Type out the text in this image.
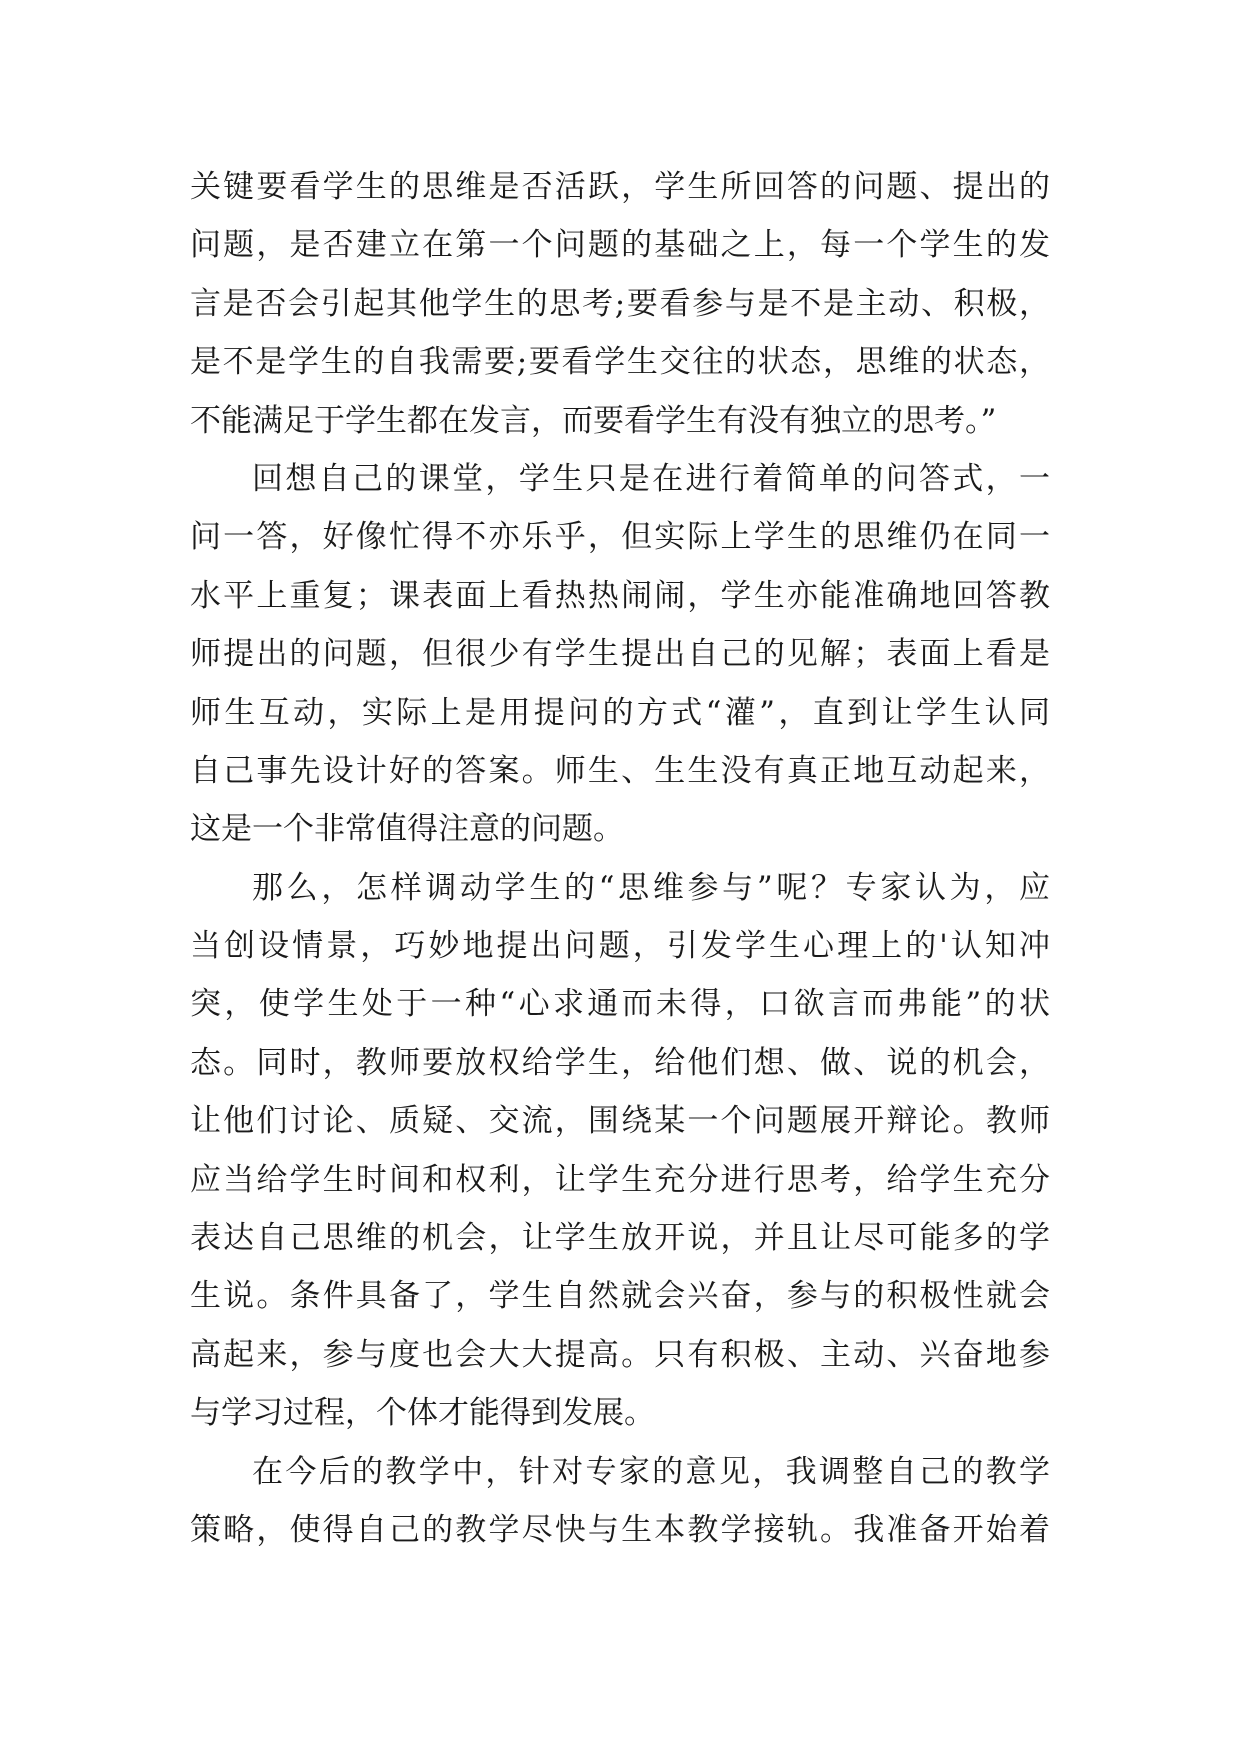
关键要看学生的思维是否活跃，学生所回答的问题、提出的
问题，是否建立在第一个问题的基础之上，每一个学生的发
言是否会引起其他学生的思考;要看参与是不是主动、积极，
是不是学生的自我需要;要看学生交往的状态，思维的状态，
不能满足于学生都在发言，而要看学生有没有独立的思考。”
回想自己的课堂，学生只是在进行着简单的问答式，一
问一答，好像忙得不亦乐乎，但实际上学生的思维仍在同一
水平上重复；课表面上看热热闹闹，学生亦能准确地回答教
师提出的问题，但很少有学生提出自己的见解；表面上看是
师生互动，实际上是用提问的方式“灌”，直到让学生认同
自己事先设计好的答案。师生、生生没有真正地互动起来，
这是一个非常值得注意的问题。
那么，怎样调动学生的“思维参与”呢？专家认为，应
当创设情景，巧妙地提出问题，引发学生心理上的'认知冲
突，使学生处于一种“心求通而未得，口欲言而弗能”的状
态。同时，教师要放权给学生，给他们想、做、说的机会，
让他们讨论、质疑、交流，围绕某一个问题展开辩论。教师
应当给学生时间和权利，让学生充分进行思考，给学生充分
表达自己思维的机会，让学生放开说，并且让尽可能多的学
生说。条件具备了，学生自然就会兴奋，参与的积极性就会
高起来，参与度也会大大提高。只有积极、主动、兴奋地参
与学习过程，个体才能得到发展。
在今后的教学中，针对专家的意见，我调整自己的教学
策略，使得自己的教学尽快与生本教学接轨。我准备开始着
